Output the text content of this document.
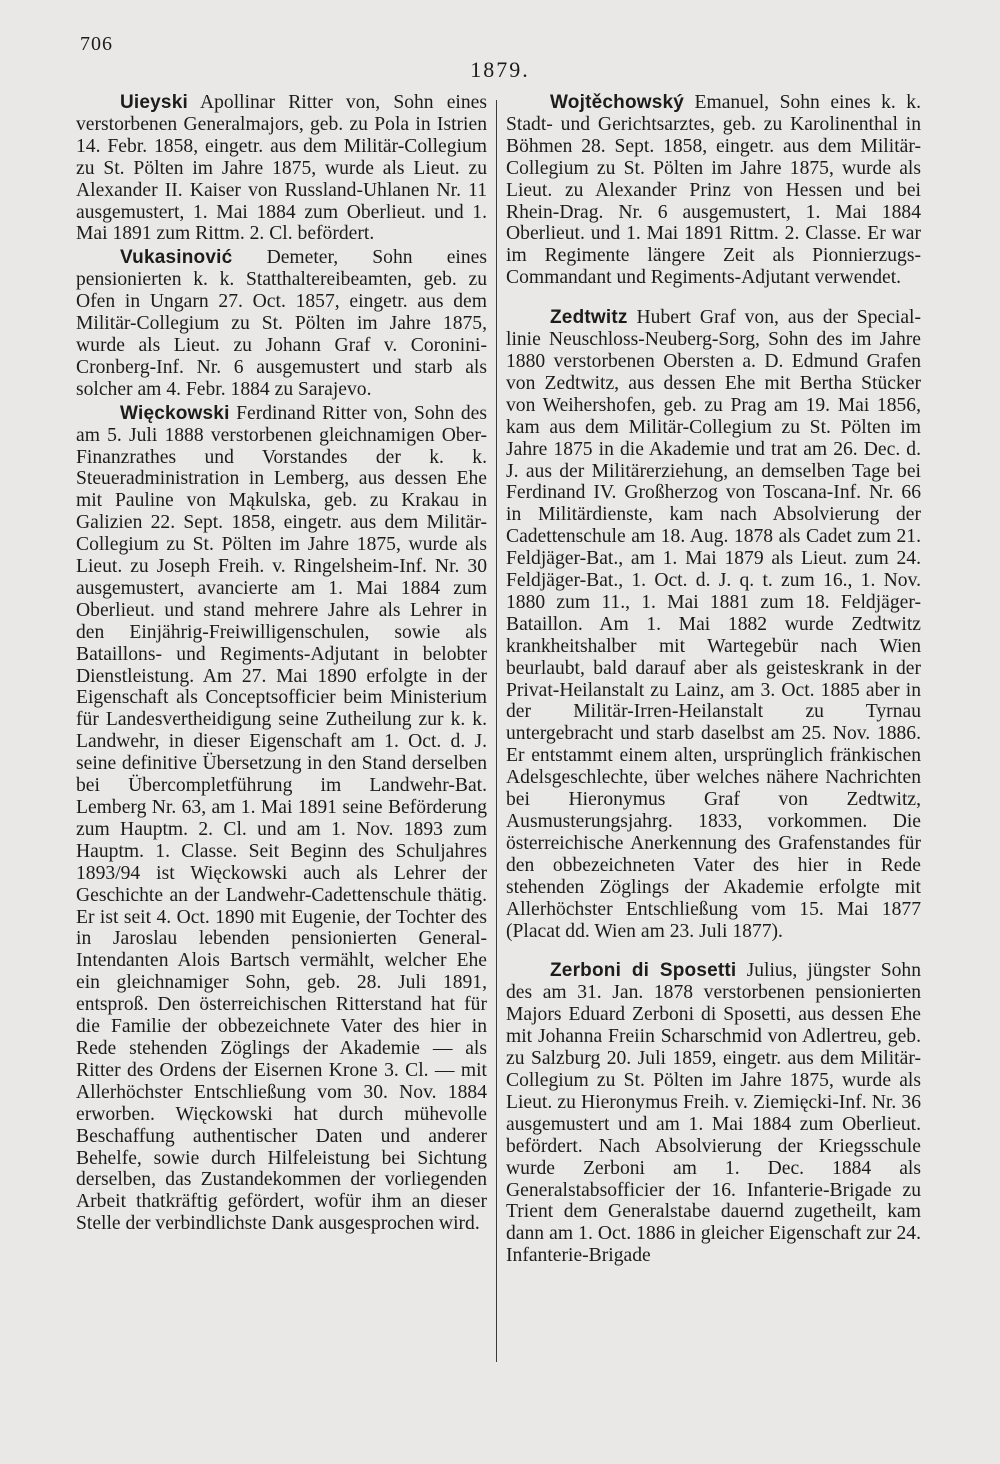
706
1879.

Uieyski Apollinar Ritter von, Sohn eines verstorbenen Generalmajors, geb. zu Pola in Istrien 14. Febr. 1858, eingetr. aus dem Militär-Collegium zu St. Pölten im Jahre 1875, wurde als Lieut. zu Alexander II. Kaiser von Russland-Uhlanen Nr. 11 ausgemustert, 1. Mai 1884 zum Oberlieut. und 1. Mai 1891 zum Rittm. 2. Cl. befördert.

Vukasinović Demeter, Sohn eines pensionierten k. k. Statthaltereibeamten, geb. zu Ofen in Ungarn 27. Oct. 1857, eingetr. aus dem Militär-Collegium zu St. Pölten im Jahre 1875, wurde als Lieut. zu Johann Graf v. Coronini-Cronberg-Inf. Nr. 6 ausgemustert und starb als solcher am 4. Febr. 1884 zu Sarajevo.

Więckowski Ferdinand Ritter von, Sohn des am 5. Juli 1888 verstorbenen gleichnamigen Ober-Finanzrathes und Vorstandes der k. k. Steueradministration in Lemberg, aus dessen Ehe mit Pauline von Mąkulska, geb. zu Krakau in Galizien 22. Sept. 1858, eingetr. aus dem Militär-Collegium zu St. Pölten im Jahre 1875, wurde als Lieut. zu Joseph Freih. v. Ringelsheim-Inf. Nr. 30 ausgemustert, avancierte am 1. Mai 1884 zum Oberlieut. und stand mehrere Jahre als Lehrer in den Einjährig-Freiwilligenschulen, sowie als Bataillons- und Regiments-Adjutant in belobter Dienstleistung. Am 27. Mai 1890 erfolgte in der Eigenschaft als Conceptsofficier beim Ministerium für Landesvertheidigung seine Zutheilung zur k. k. Landwehr, in dieser Eigenschaft am 1. Oct. d. J. seine definitive Übersetzung in den Stand derselben bei Übercompletführung im Landwehr-Bat. Lemberg Nr. 63, am 1. Mai 1891 seine Beförderung zum Hauptm. 2. Cl. und am 1. Nov. 1893 zum Hauptm. 1. Classe. Seit Beginn des Schuljahres 1893/94 ist Więckowski auch als Lehrer der Geschichte an der Landwehr-Cadettenschule thätig. Er ist seit 4. Oct. 1890 mit Eugenie, der Tochter des in Jaroslau lebenden pensionierten General-Intendanten Alois Bartsch vermählt, welcher Ehe ein gleichnamiger Sohn, geb. 28. Juli 1891, entsproß. Den österreichischen Ritterstand hat für die Familie der obbezeichnete Vater des hier in Rede stehenden Zöglings der Akademie — als Ritter des Ordens der Eisernen Krone 3. Cl. — mit Allerhöchster Entschließung vom 30. Nov. 1884 erworben. Więckowski hat durch mühevolle Beschaffung authentischer Daten und anderer Behelfe, sowie durch Hilfeleistung bei Sichtung derselben, das Zustandekommen der vorliegenden Arbeit thatkräftig gefördert, wofür ihm an dieser Stelle der verbindlichste Dank ausgesprochen wird.

Wojtěchowský Emanuel, Sohn eines k. k. Stadt- und Gerichtsarztes, geb. zu Karolinenthal in Böhmen 28. Sept. 1858, eingetr. aus dem Militär-Collegium zu St. Pölten im Jahre 1875, wurde als Lieut. zu Alexander Prinz von Hessen und bei Rhein-Drag. Nr. 6 ausgemustert, 1. Mai 1884 Oberlieut. und 1. Mai 1891 Rittm. 2. Classe. Er war im Regimente längere Zeit als Pionnierzugs-Commandant und Regiments-Adjutant verwendet.

Zedtwitz Hubert Graf von, aus der Special-linie Neuschloss-Neuberg-Sorg, Sohn des im Jahre 1880 verstorbenen Obersten a. D. Edmund Grafen von Zedtwitz, aus dessen Ehe mit Bertha Stücker von Weihershofen, geb. zu Prag am 19. Mai 1856, kam aus dem Militär-Collegium zu St. Pölten im Jahre 1875 in die Akademie und trat am 26. Dec. d. J. aus der Militärerziehung, an demselben Tage bei Ferdinand IV. Großherzog von Toscana-Inf. Nr. 66 in Militärdienste, kam nach Absolvierung der Cadettenschule am 18. Aug. 1878 als Cadet zum 21. Feldjäger-Bat., am 1. Mai 1879 als Lieut. zum 24. Feldjäger-Bat., 1. Oct. d. J. q. t. zum 16., 1. Nov. 1880 zum 11., 1. Mai 1881 zum 18. Feldjäger-Bataillon. Am 1. Mai 1882 wurde Zedtwitz krankheitshalber mit Wartegebür nach Wien beurlaubt, bald darauf aber als geisteskrank in der Privat-Heilanstalt zu Lainz, am 3. Oct. 1885 aber in der Militär-Irren-Heilanstalt zu Tyrnau untergebracht und starb daselbst am 25. Nov. 1886. Er entstammt einem alten, ursprünglich fränkischen Adelsgeschlechte, über welches nähere Nachrichten bei Hieronymus Graf von Zedtwitz, Ausmusterungsjahrg. 1833, vorkommen. Die österreichische Anerkennung des Grafenstandes für den obbezeichneten Vater des hier in Rede stehenden Zöglings der Akademie erfolgte mit Allerhöchster Entschließung vom 15. Mai 1877 (Placat dd. Wien am 23. Juli 1877).

Zerboni di Sposetti Julius, jüngster Sohn des am 31. Jan. 1878 verstorbenen pensionierten Majors Eduard Zerboni di Sposetti, aus dessen Ehe mit Johanna Freiin Scharschmid von Adlertreu, geb. zu Salzburg 20. Juli 1859, eingetr. aus dem Militär-Collegium zu St. Pölten im Jahre 1875, wurde als Lieut. zu Hieronymus Freih. v. Ziemięcki-Inf. Nr. 36 ausgemustert und am 1. Mai 1884 zum Oberlieut. befördert. Nach Absolvierung der Kriegsschule wurde Zerboni am 1. Dec. 1884 als Generalstabsofficier der 16. Infanterie-Brigade zu Trient dem Generalstabe dauernd zugetheilt, kam dann am 1. Oct. 1886 in gleicher Eigenschaft zur 24. Infanterie-Brigade
